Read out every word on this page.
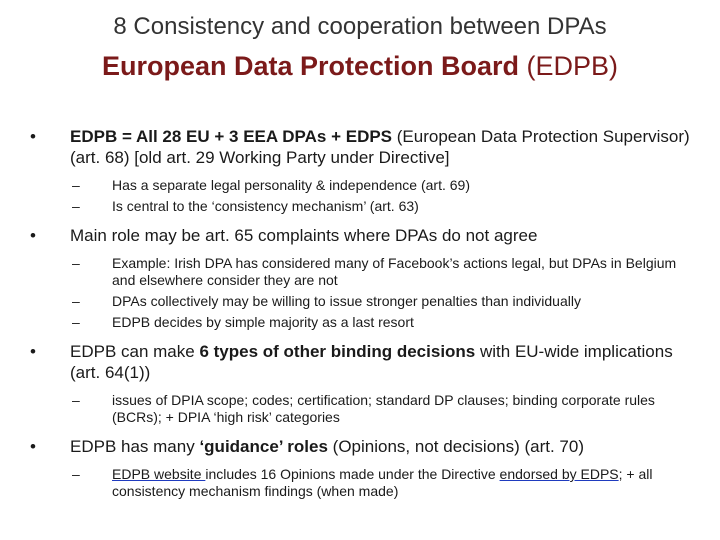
8 Consistency and cooperation between DPAs
European Data Protection Board (EDPB)
• EDPB = All 28 EU + 3 EEA DPAs + EDPS (European Data Protection Supervisor) (art. 68) [old art. 29 Working Party under Directive]
– Has a separate legal personality & independence (art. 69)
– Is central to the ‘consistency mechanism’ (art. 63)
• Main role may be art. 65 complaints where DPAs do not agree
– Example: Irish DPA has considered many of Facebook’s actions legal, but DPAs in Belgium and elsewhere consider they are not
– DPAs collectively may be willing to issue stronger penalties than individually
– EDPB decides by simple majority as a last resort
• EDPB can make 6 types of other binding decisions with EU-wide implications (art. 64(1))
– issues of DPIA scope; codes; certification; standard DP clauses; binding corporate rules (BCRs); + DPIA ‘high risk’ categories
• EDPB has many ‘guidance’ roles (Opinions, not decisions) (art. 70)
– EDPB website includes 16 Opinions made under the Directive endorsed by EDPS; + all consistency mechanism findings (when made)
